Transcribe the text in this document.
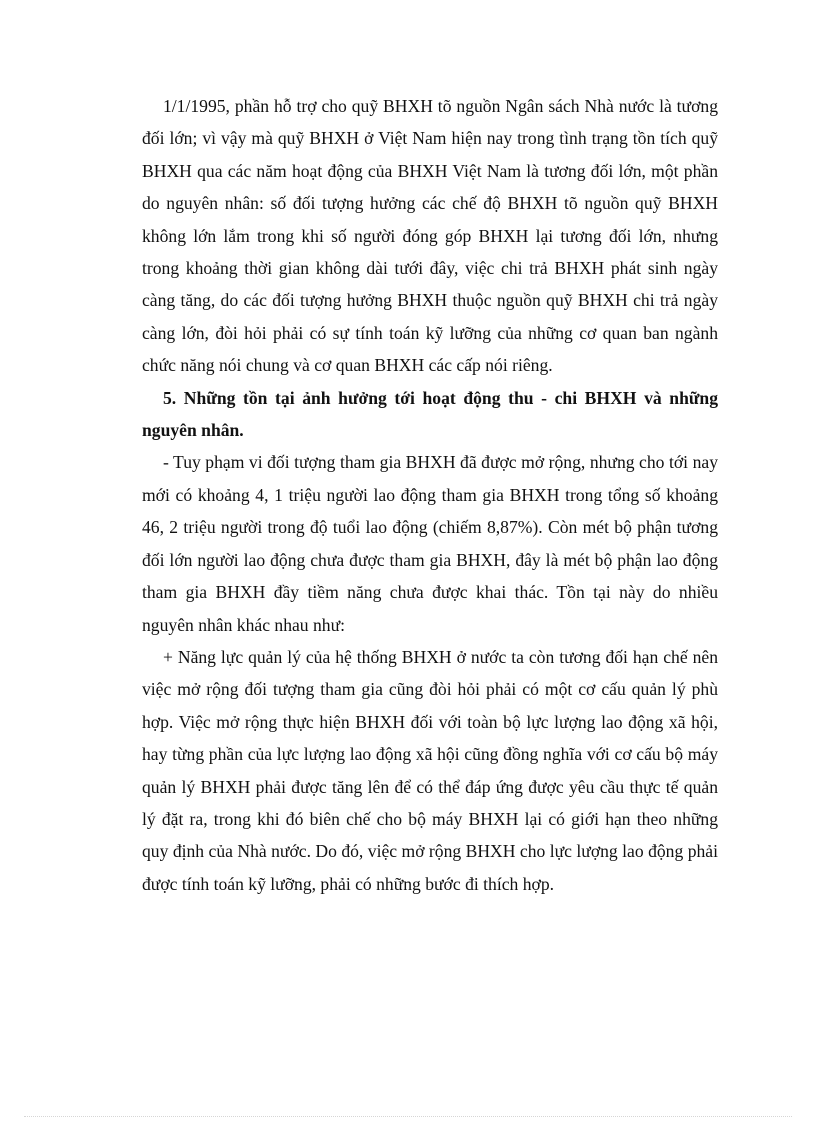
1/1/1995, phần hỗ trợ cho quỹ BHXH tõ nguồn Ngân sách Nhà nước là tương đối lớn; vì vậy mà quỹ BHXH ở Việt Nam hiện nay trong tình trạng tồn tích quỹ BHXH qua các năm hoạt động của BHXH Việt Nam là tương đối lớn, một phần do nguyên nhân: số đối tượng hưởng các chế độ BHXH tõ nguồn quỹ BHXH không lớn lắm trong khi số người đóng góp BHXH lại tương đối lớn, nhưng trong khoảng thời gian không dài tưới đây, việc chi trả BHXH phát sinh ngày càng tăng, do các đối tượng hưởng BHXH thuộc nguồn quỹ BHXH chi trả ngày càng lớn, đòi hỏi phải có sự tính toán kỹ lưỡng của những cơ quan ban ngành chức năng nói chung và cơ quan BHXH các cấp nói riêng.

5. Những tồn tại ảnh hưởng tới hoạt động thu - chi BHXH và những nguyên nhân.

- Tuy phạm vi đối tượng tham gia BHXH đã được mở rộng, nhưng cho tới nay mới có khoảng 4, 1 triệu người lao động tham gia BHXH trong tổng số khoảng 46, 2 triệu người trong độ tuổi lao động (chiếm 8,87%). Còn mét bộ phận tương đối lớn người lao động chưa được tham gia BHXH, đây là mét bộ phận lao động tham gia BHXH đầy tiềm năng chưa được khai thác. Tồn tại này do nhiều nguyên nhân khác nhau như:

+ Năng lực quản lý của hệ thống BHXH ở nước ta còn tương đối hạn chế nên việc mở rộng đối tượng tham gia cũng đòi hỏi phải có một cơ cấu quản lý phù hợp. Việc mở rộng thực hiện BHXH đối với toàn bộ lực lượng lao động xã hội, hay từng phần của lực lượng lao động xã hội cũng đồng nghĩa với cơ cấu bộ máy quản lý BHXH phải được tăng lên để có thể đáp ứng được yêu cầu thực tế quản lý đặt ra, trong khi đó biên chế cho bộ máy BHXH lại có giới hạn theo những quy định của Nhà nước. Do đó, việc mở rộng BHXH cho lực lượng lao động phải được tính toán kỹ lưỡng, phải có những bước đi thích hợp.
